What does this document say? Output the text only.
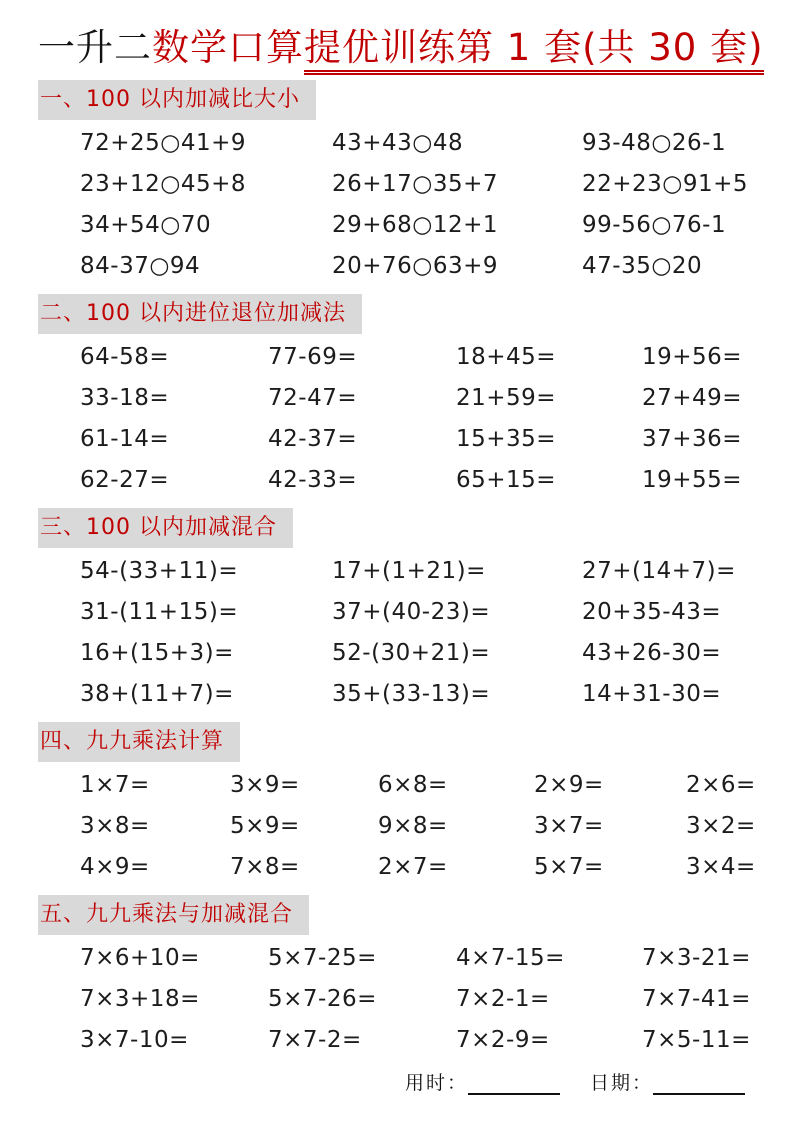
一升二数学口算提优训练第 1 套(共 30 套)
一、100 以内加减比大小
72+25○41+9	43+43○48	93-48○26-1
23+12○45+8	26+17○35+7	22+23○91+5
34+54○70	29+68○12+1	99-56○76-1
84-37○94	20+76○63+9	47-35○20
二、100 以内进位退位加减法
64-58=	77-69=	18+45=	19+56=
33-18=	72-47=	21+59=	27+49=
61-14=	42-37=	15+35=	37+36=
62-27=	42-33=	65+15=	19+55=
三、100 以内加减混合
54-(33+11)=	17+(1+21)=	27+(14+7)=
31-(11+15)=	37+(40-23)=	20+35-43=
16+(15+3)=	52-(30+21)=	43+26-30=
38+(11+7)=	35+(33-13)=	14+31-30=
四、九九乘法计算
1×7=	3×9=	6×8=	2×9=	2×6=
3×8=	5×9=	9×8=	3×7=	3×2=
4×9=	7×8=	2×7=	5×7=	3×4=
五、九九乘法与加减混合
7×6+10=	5×7-25=	4×7-15=	7×3-21=
7×3+18=	5×7-26=	7×2-1=	7×7-41=
3×7-10=	7×7-2=	7×2-9=	7×5-11=
用时：	日期：
